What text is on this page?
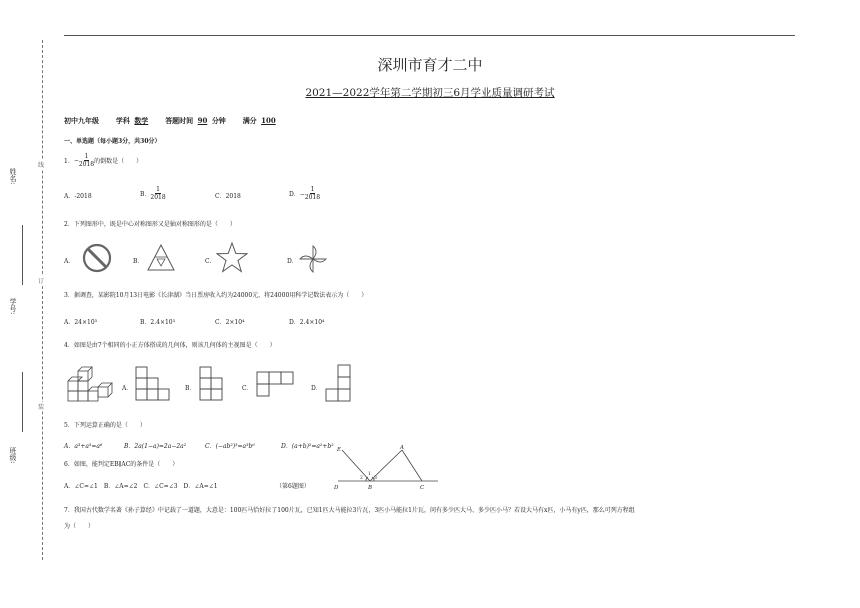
姓名:
学号:
班级:
线
订
装
深圳市育才二中
2021—2022学年第二学期初三6月学业质量调研考试
初中九年级 学科 数学 答题时间 90 分钟 满分 100
一、单选题（每小题3分，共30分）
1． − $\frac{1}{2018}$ 的倒数是（　　）
A．-2018	B． $\frac{1}{2018}$	C．2018	D．− $\frac{1}{2018}$
2．下列图形中，既是中心对称图形又是轴对称图形的是（　　）
A．	B．	C．	D．
3．据调查，某影院10月13日电影《长津湖》当日票房收入约为24000元，将24000用科学记数法表示为（　　）
A．24×10³	B．2.4×10³	C．2×10⁴	D．2.4×10⁴
4．如图是由7个相同的小正方体搭成的几何体，则该几何体的主视图是（　　）
A．	B．	C．	D．
5．下列运算正确的是（　　）
A．a³+a³=a⁶	B．2a(1−a)=2a−2a²	C．(−ab²)³=a³b⁶	D．(a+b)²=a²+b²
6．如图，能判定EB∥AC的条件是（　　）
A．∠C=∠1　B．∠A=∠2　C．∠C=∠3　D．∠A=∠1	（第6题图）
E	A
B	C
D
1
2 3
7．我国古代数学名著《孙子算经》中记载了一道题，大意是：100匹马恰好拉了100片瓦，已知1匹大马能拉3片瓦，3匹小马能拉1片瓦，问有多少匹大马、多少匹小马？若设大马有x匹，小马有y匹，那么可列方程组
为（　　）
